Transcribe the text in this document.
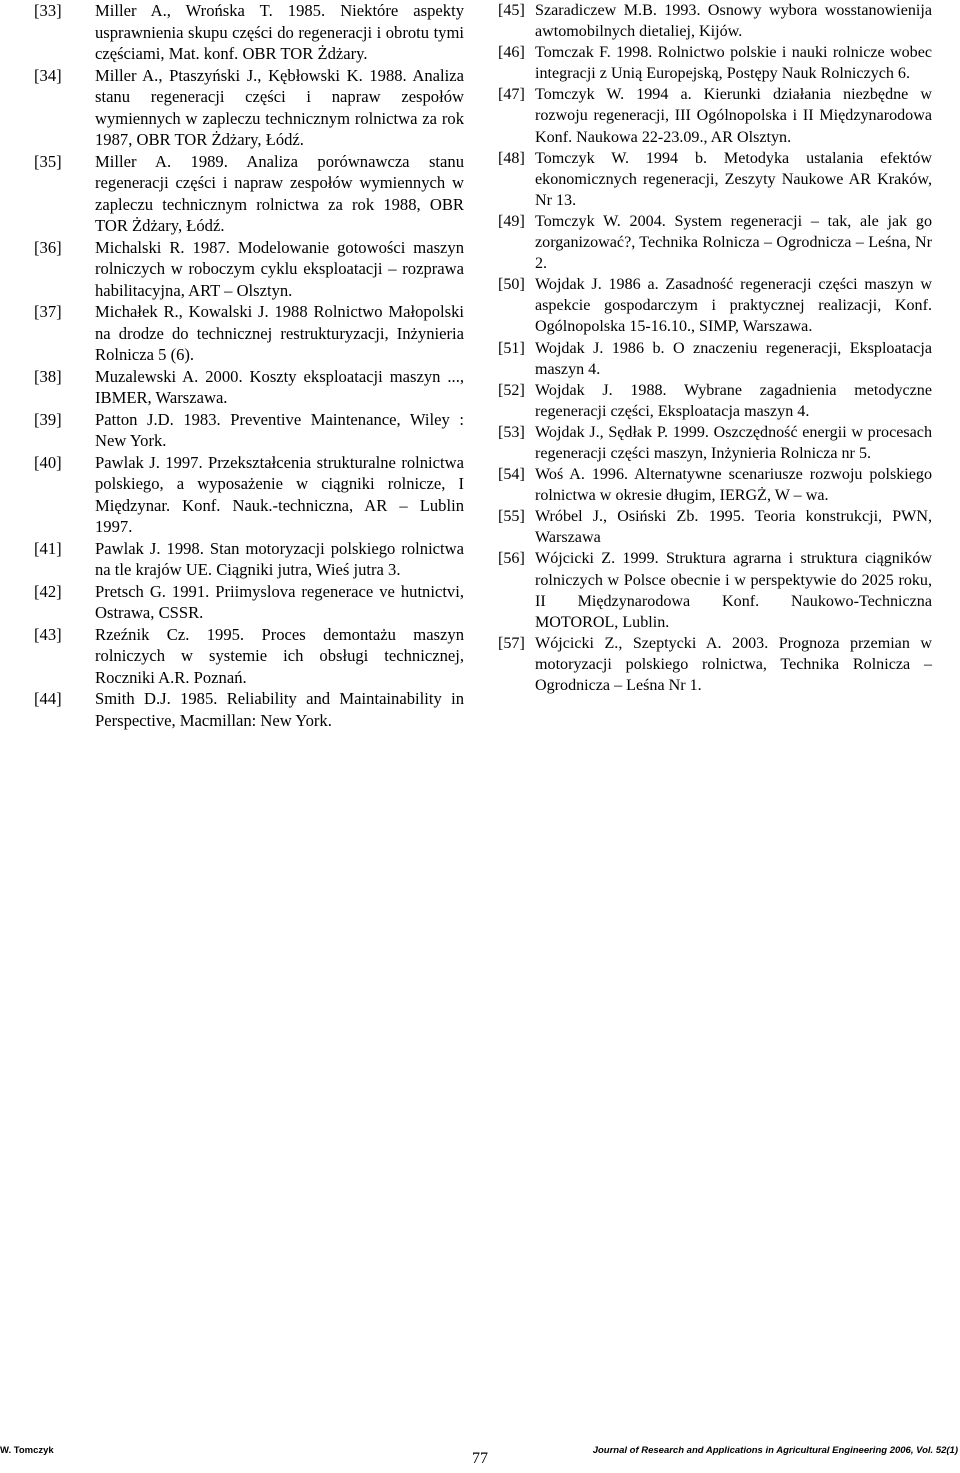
[33]	Miller A., Wrońska T. 1985. Niektóre aspekty usprawnienia skupu części do regeneracji i obrotu tymi częściami, Mat. konf. OBR TOR Żdżary.
[34]	Miller A., Ptaszyński J., Kębłowski K. 1988. Analiza stanu regeneracji części i napraw zespołów wymiennych w zapleczu technicznym rolnictwa za rok 1987, OBR TOR Żdżary, Łódź.
[35]	Miller A. 1989. Analiza porównawcza stanu regeneracji części i napraw zespołów wymiennych w zapleczu technicznym rolnictwa za rok 1988, OBR TOR Żdżary, Łódź.
[36]	Michalski R. 1987. Modelowanie gotowości maszyn rolniczych w roboczym cyklu eksploatacji – rozprawa habilitacyjna, ART – Olsztyn.
[37]	Michałek R., Kowalski J. 1988 Rolnictwo Małopolski na drodze do technicznej restrukturyzacji, Inżynieria Rolnicza 5 (6).
[38]	Muzalewski A. 2000. Koszty eksploatacji maszyn ..., IBMER, Warszawa.
[39]	Patton J.D. 1983. Preventive Maintenance, Wiley : New York.
[40]	Pawlak J. 1997. Przekształcenia strukturalne rolnictwa polskiego, a wyposażenie w ciągniki rolnicze, I Międzynar. Konf. Nauk.-techniczna, AR – Lublin 1997.
[41]	Pawlak J. 1998. Stan motoryzacji polskiego rolnictwa na tle krajów UE. Ciągniki jutra, Wieś jutra 3.
[42]	Pretsch G. 1991. Priimyslova regenerace ve hutnictvi, Ostrawa, CSSR.
[43]	Rzeźnik Cz. 1995. Proces demontażu maszyn rolniczych w systemie ich obsługi technicznej, Roczniki A.R. Poznań.
[44]	Smith D.J. 1985. Reliability and Maintainability in Perspective, Macmillan: New York.
[45] Szaradiczew M.B. 1993. Osnowy wybora wosstanowienija awtomobilnych dietaliej, Kijów.
[46] Tomczak F. 1998. Rolnictwo polskie i nauki rolnicze wobec integracji z Unią Europejską, Postępy Nauk Rolniczych 6.
[47] Tomczyk W. 1994 a. Kierunki działania niezbędne w rozwoju regeneracji, III Ogólnopolska i II Międzynarodowa Konf. Naukowa 22-23.09., AR Olsztyn.
[48] Tomczyk W. 1994 b. Metodyka ustalania efektów ekonomicznych regeneracji, Zeszyty Naukowe AR Kraków, Nr 13.
[49] Tomczyk W. 2004. System regeneracji – tak, ale jak go zorganizować?, Technika Rolnicza – Ogrodnicza – Leśna, Nr 2.
[50] Wojdak J. 1986 a. Zasadność regeneracji części maszyn w aspekcie gospodarczym i praktycznej realizacji, Konf. Ogólnopolska 15-16.10., SIMP, Warszawa.
[51] Wojdak J. 1986 b. O znaczeniu regeneracji, Eksploatacja maszyn 4.
[52] Wojdak J. 1988. Wybrane zagadnienia metodyczne regeneracji części, Eksploatacja maszyn 4.
[53] Wojdak J., Sędłak P. 1999. Oszczędność energii w procesach regeneracji części maszyn, Inżynieria Rolnicza nr 5.
[54] Woś A. 1996. Alternatywne scenariusze rozwoju polskiego rolnictwa w okresie długim, IERGŻ, W – wa.
[55] Wróbel J., Osiński Zb. 1995. Teoria konstrukcji, PWN, Warszawa
[56] Wójcicki Z. 1999. Struktura agrarna i struktura ciągników rolniczych w Polsce obecnie i w perspektywie do 2025 roku, II Międzynarodowa Konf. Naukowo-Techniczna MOTOROL, Lublin.
[57] Wójcicki Z., Szeptycki A. 2003. Prognoza przemian w motoryzacji polskiego rolnictwa, Technika Rolnicza – Ogrodnicza – Leśna Nr 1.
W. Tomczyk	77	Journal of Research and Applications in Agricultural Engineering 2006, Vol. 52(1)
